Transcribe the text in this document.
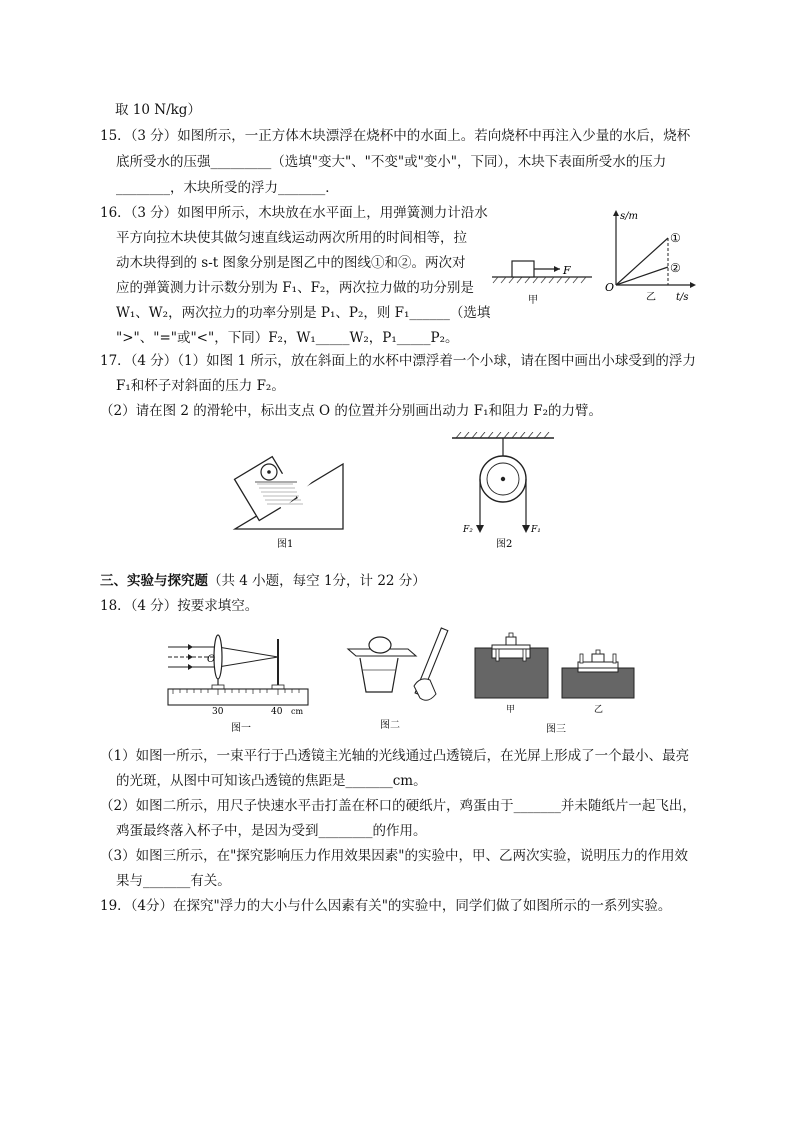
取 10 N/kg）
15．（3 分）如图所示，一正方体木块漂浮在烧杯中的水面上。若向烧杯中再注入少量的水后，烧杯
底所受水的压强_________（选填"变大"、"不变"或"变小"，下同），木块下表面所受水的压力
________，木块所受的浮力_______．
16．（3 分）如图甲所示，木块放在水平面上，用弹簧测力计沿水
平方向拉木块使其做匀速直线运动两次所用的时间相等，拉
动木块得到的 s-t 图象分别是图乙中的图线①和②。两次对
应的弹簧测力计示数分别为 F₁、F₂，两次拉力做的功分别是
W₁、W₂，两次拉力的功率分别是 P₁、P₂，则 F₁______（选填
">"、"="或"<"，下同）F₂，W₁_____W₂，P₁_____P₂。
17．（4 分）（1）如图 1 所示，放在斜面上的水杯中漂浮着一个小球，请在图中画出小球受到的浮力
F₁和杯子对斜面的压力 F₂。
（2）请在图 2 的滑轮中，标出支点 O 的位置并分别画出动力 F₁和阻力 F₂的力臂。
三、实验与探究题（共 4 小题，每空 1分，计 22 分）
18．（4 分）按要求填空。
（1）如图一所示，一束平行于凸透镜主光轴的光线通过凸透镜后，在光屏上形成了一个最小、最亮
的光斑，从图中可知该凸透镜的焦距是_______cm。
（2）如图二所示，用尺子快速水平击打盖在杯口的硬纸片，鸡蛋由于_______并未随纸片一起飞出，
鸡蛋最终落入杯子中，是因为受到________的作用。
（3）如图三所示，在"探究影响压力作用效果因素"的实验中，甲、乙两次实验，说明压力的作用效
果与_______有关。
19．（4分）在探究"浮力的大小与什么因素有关"的实验中，同学们做了如图所示的一系列实验。
F
甲
s/m
t/s
O
①
②
乙
图1
F₂	F₁
图2
O
30	40 cm
图一	图二
甲	乙
图三
